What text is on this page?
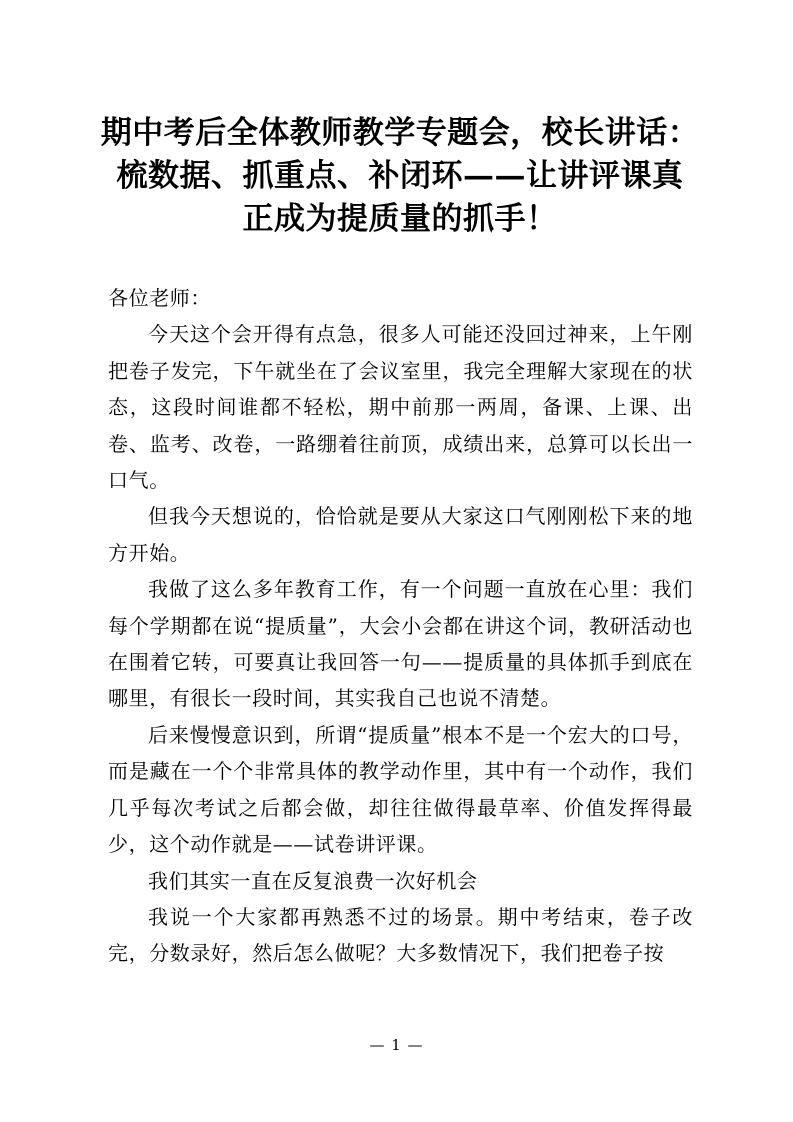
期中考后全体教师教学专题会，校长讲话：
梳数据、抓重点、补闭环——让讲评课真
正成为提质量的抓手！

各位老师：

今天这个会开得有点急，很多人可能还没回过神来，上午刚把卷子发完，下午就坐在了会议室里，我完全理解大家现在的状态，这段时间谁都不轻松，期中前那一两周，备课、上课、出卷、监考、改卷，一路绷着往前顶，成绩出来，总算可以长出一口气。

但我今天想说的，恰恰就是要从大家这口气刚刚松下来的地方开始。

我做了这么多年教育工作，有一个问题一直放在心里：我们每个学期都在说“提质量”，大会小会都在讲这个词，教研活动也在围着它转，可要真让我回答一句——提质量的具体抓手到底在哪里，有很长一段时间，其实我自己也说不清楚。

后来慢慢意识到，所谓“提质量”根本不是一个宏大的口号，而是藏在一个个非常具体的教学动作里，其中有一个动作，我们几乎每次考试之后都会做，却往往做得最草率、价值发挥得最少，这个动作就是——试卷讲评课。

我们其实一直在反复浪费一次好机会

我说一个大家都再熟悉不过的场景。期中考结束，卷子改完，分数录好，然后怎么做呢？大多数情况下，我们把卷子按

— 1 —
